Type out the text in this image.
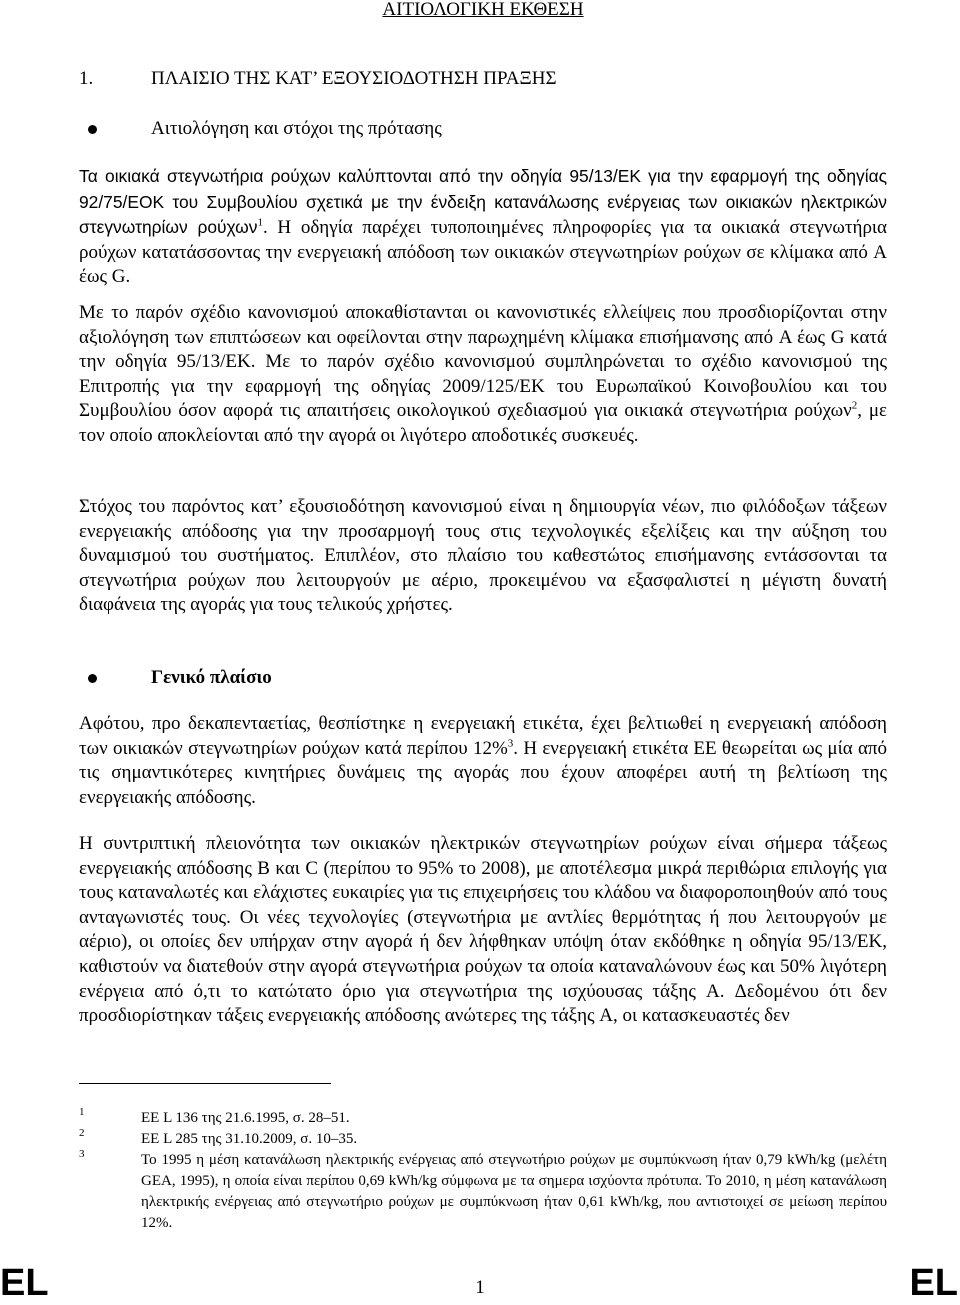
ΑΙΤΙΟΛΟΓΙΚΗ ΕΚΘΕΣΗ
1.	ΠΛΑΙΣΙΟ ΤΗΣ ΚΑΤ’ ΕΞΟΥΣΙΟΔΟΤΗΣΗ ΠΡΑΞΗΣ
Αιτιολόγηση και στόχοι της πρότασης

Τα οικιακά στεγνωτήρια ρούχων καλύπτονται από την οδηγία 95/13/ΕΚ για την εφαρμογή της οδηγίας 92/75/ΕΟΚ του Συμβουλίου σχετικά με την ένδειξη κατανάλωσης ενέργειας των οικιακών ηλεκτρικών στεγνωτηρίων ρούχων$^1$. Η οδηγία παρέχει τυποποιημένες πληροφορίες για τα οικιακά στεγνωτήρια ρούχων κατατάσσοντας την ενεργειακή απόδοση των οικιακών στεγνωτηρίων ρούχων σε κλίμακα από A έως G.

Με το παρόν σχέδιο κανονισμού αποκαθίστανται οι κανονιστικές ελλείψεις που προσδιορίζονται στην αξιολόγηση των επιπτώσεων και οφείλονται στην παρωχημένη κλίμακα επισήμανσης από A έως G κατά την οδηγία 95/13/ΕΚ. Με το παρόν σχέδιο κανονισμού συμπληρώνεται το σχέδιο κανονισμού της Επιτροπής για την εφαρμογή της οδηγίας 2009/125/ΕΚ του Ευρωπαϊκού Κοινοβουλίου και του Συμβουλίου όσον αφορά τις απαιτήσεις οικολογικού σχεδιασμού για οικιακά στεγνωτήρια ρούχων$^2$, με τον οποίο αποκλείονται από την αγορά οι λιγότερο αποδοτικές συσκευές.

Στόχος του παρόντος κατ’ εξουσιοδότηση κανονισμού είναι η δημιουργία νέων, πιο φιλόδοξων τάξεων ενεργειακής απόδοσης για την προσαρμογή τους στις τεχνολογικές εξελίξεις και την αύξηση του δυναμισμού του συστήματος. Επιπλέον, στο πλαίσιο του καθεστώτος επισήμανσης εντάσσονται τα στεγνωτήρια ρούχων που λειτουργούν με αέριο, προκειμένου να εξασφαλιστεί η μέγιστη δυνατή διαφάνεια της αγοράς για τους τελικούς χρήστες.

Γενικό πλαίσιο

Αφότου, προ δεκαπενταετίας, θεσπίστηκε η ενεργειακή ετικέτα, έχει βελτιωθεί η ενεργειακή απόδοση των οικιακών στεγνωτηρίων ρούχων κατά περίπου 12%$^3$. Η ενεργειακή ετικέτα ΕΕ θεωρείται ως μία από τις σημαντικότερες κινητήριες δυνάμεις της αγοράς που έχουν αποφέρει αυτή τη βελτίωση της ενεργειακής απόδοσης.

Η συντριπτική πλειονότητα των οικιακών ηλεκτρικών στεγνωτηρίων ρούχων είναι σήμερα τάξεως ενεργειακής απόδοσης B και C (περίπου το 95% το 2008), με αποτέλεσμα μικρά περιθώρια επιλογής για τους καταναλωτές και ελάχιστες ευκαιρίες για τις επιχειρήσεις του κλάδου να διαφοροποιηθούν από τους ανταγωνιστές τους. Οι νέες τεχνολογίες (στεγνωτήρια με αντλίες θερμότητας ή που λειτουργούν με αέριο), οι οποίες δεν υπήρχαν στην αγορά ή δεν λήφθηκαν υπόψη όταν εκδόθηκε η οδηγία 95/13/ΕΚ, καθιστούν να διατεθούν στην αγορά στεγνωτήρια ρούχων τα οποία καταναλώνουν έως και 50% λιγότερη ενέργεια από ό,τι το κατώτατο όριο για στεγνωτήρια της ισχύουσας τάξης A. Δεδομένου ότι δεν προσδιορίστηκαν τάξεις ενεργειακής απόδοσης ανώτερες της τάξης A, οι κατασκευαστές δεν

1	ΕΕ L 136 της 21.6.1995, σ. 28–51.
2	ΕΕ L 285 της 31.10.2009, σ. 10–35.
3	Το 1995 η μέση κατανάλωση ηλεκτρικής ενέργειας από στεγνωτήριο ρούχων με συμπύκνωση ήταν 0,79 kWh/kg (μελέτη GEA, 1995), η οποία είναι περίπου 0,69 kWh/kg σύμφωνα με τα σημερα ισχύοντα πρότυπα. Το 2010, η μέση κατανάλωση ηλεκτρικής ενέργειας από στεγνωτήριο ρούχων με συμπύκνωση ήταν 0,61 kWh/kg, που αντιστοιχεί σε μείωση περίπου 12%.
EL	1	EL
